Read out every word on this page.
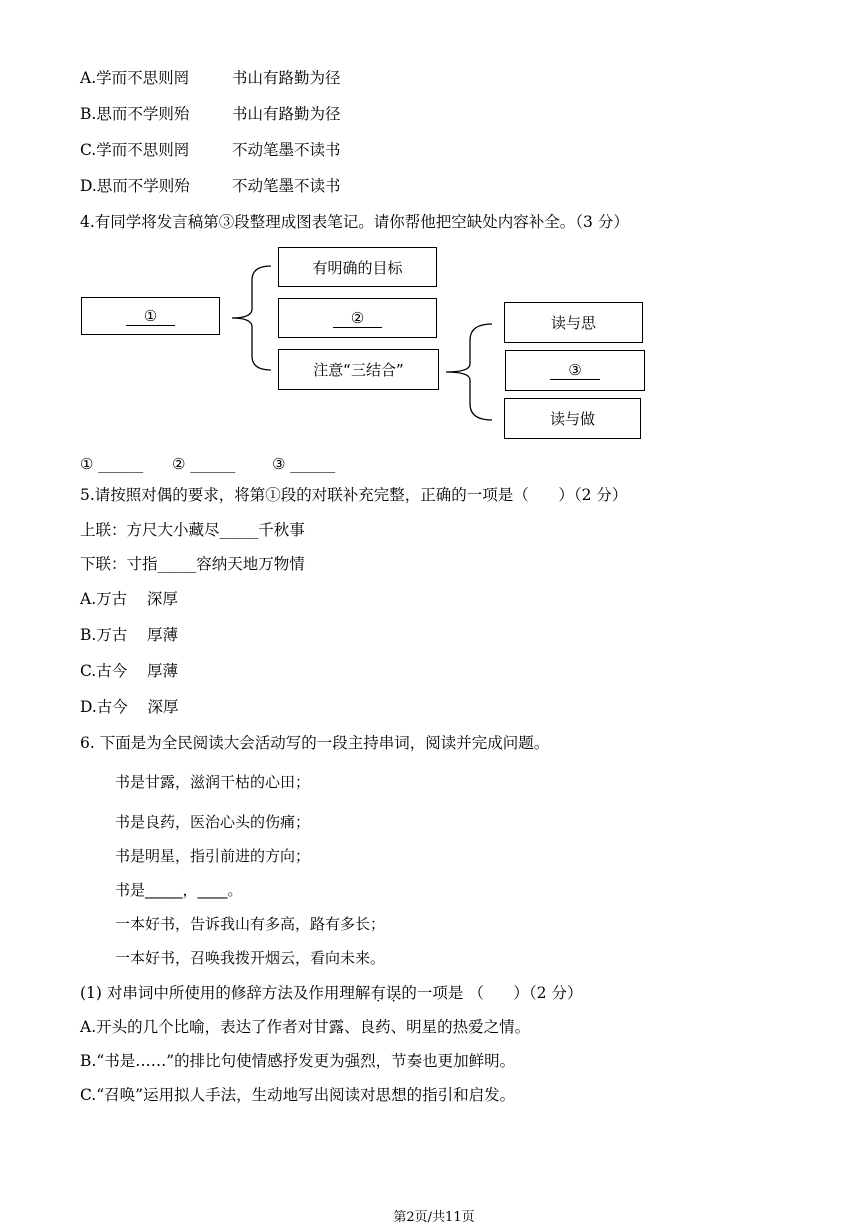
A.学而不思则罔	书山有路勤为径
B.思而不学则殆	书山有路勤为径
C.学而不思则罔	不动笔墨不读书
D.思而不学则殆	不动笔墨不读书
4.有同学将发言稿第③段整理成图表笔记。请你帮他把空缺处内容补全。（3 分）
①
有明确的目标
②
注意“三结合”
读与思
③
读与做
① ______ ② ______ ③ ______
5.请按照对偶的要求，将第①段的对联补充完整，正确的一项是（      ）（2 分）
上联：方尺大小藏尽_____千秋事
下联：寸指_____容纳天地万物情
A.万古    深厚
B.万古    厚薄
C.古今    厚薄
D.古今    深厚
6. 下面是为全民阅读大会活动写的一段主持串词，阅读并完成问题。
书是甘露，滋润干枯的心田；
书是良药，医治心头的伤痛；
书是明星，指引前进的方向；
书是_____，____。
一本好书，告诉我山有多高，路有多长；
一本好书，召唤我拨开烟云，看向未来。
(1) 对串词中所使用的修辞方法及作用理解有误的一项是 （      ）（2 分）
A.开头的几个比喻，表达了作者对甘露、良药、明星的热爱之情。
B.“书是……”的排比句使情感抒发更为强烈，节奏也更加鲜明。
C.“召唤”运用拟人手法，生动地写出阅读对思想的指引和启发。
第2页/共11页
